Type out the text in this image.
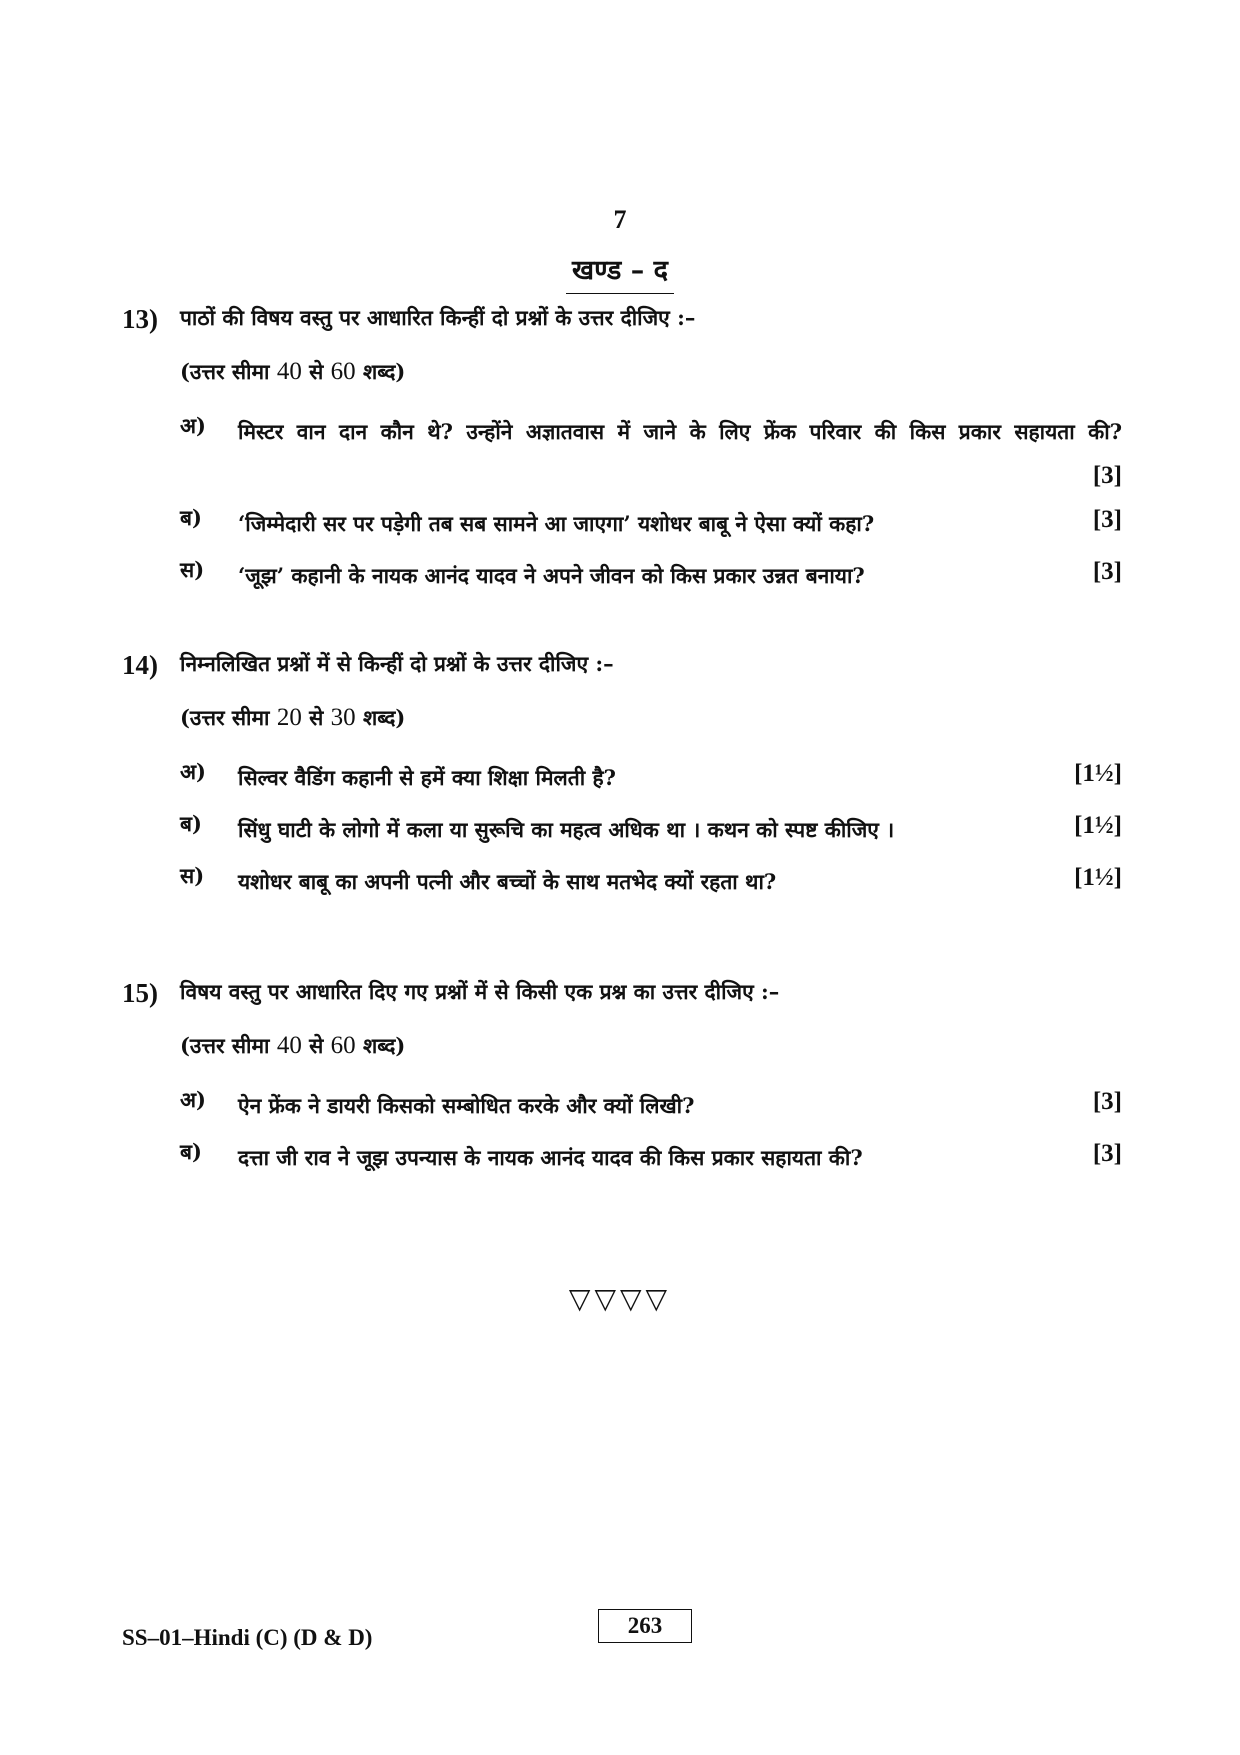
7
खण्ड – द
13) पाठों की विषय वस्तु पर आधारित किन्हीं दो प्रश्नों के उत्तर दीजिए :–
(उत्तर सीमा 40 से 60 शब्द)
अ) मिस्टर वान दान कौन थे? उन्होंने अज्ञातवास में जाने के लिए फ्रेंक परिवार की किस प्रकार सहायता की?
[3]
ब) ‘जिम्मेदारी सर पर पड़ेगी तब सब सामने आ जाएगा’ यशोधर बाबू ने ऐसा क्यों कहा?	[3]
स) ‘जूझ’ कहानी के नायक आनंद यादव ने अपने जीवन को किस प्रकार उन्नत बनाया?	[3]
14) निम्नलिखित प्रश्नों में से किन्हीं दो प्रश्नों के उत्तर दीजिए :–
(उत्तर सीमा 20 से 30 शब्द)
अ) सिल्वर वैडिंग कहानी से हमें क्या शिक्षा मिलती है?	[1½]
ब) सिंधु घाटी के लोगो में कला या सुरूचि का महत्व अधिक था । कथन को स्पष्ट कीजिए ।	[1½]
स) यशोधर बाबू का अपनी पत्नी और बच्चों के साथ मतभेद क्यों रहता था?	[1½]
15) विषय वस्तु पर आधारित दिए गए प्रश्नों में से किसी एक प्रश्न का उत्तर दीजिए :–
(उत्तर सीमा 40 से 60 शब्द)
अ) ऐन फ्रेंक ने डायरी किसको सम्बोधित करके और क्यों लिखी?	[3]
ब) दत्ता जी राव ने जूझ उपन्यास के नायक आनंद यादव की किस प्रकार सहायता की?	[3]
▽▽▽▽
SS–01–Hindi (C) (D & D)	263
